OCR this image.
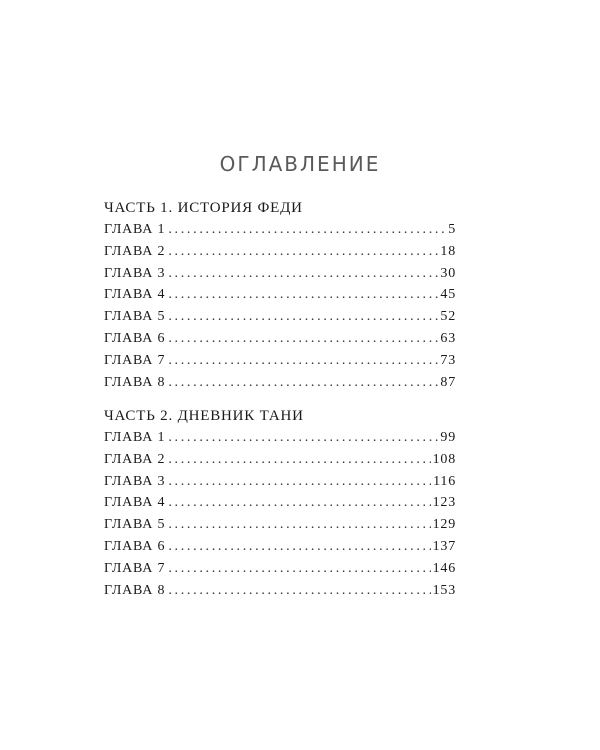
ОГЛАВЛЕНИЕ
ЧАСТЬ 1. ИСТОРИЯ ФЕДИ
ГЛАВА 1 . . .	5
ГЛАВА 2 . . .	18
ГЛАВА 3 . . .	30
ГЛАВА 4 . . .	45
ГЛАВА 5 . . .	52
ГЛАВА 6 . . .	63
ГЛАВА 7 . . .	73
ГЛАВА 8 . . .	87
ЧАСТЬ 2. ДНЕВНИК ТАНИ
ГЛАВА 1 . . .	99
ГЛАВА 2 . . .	108
ГЛАВА 3 . . .	116
ГЛАВА 4 . . .	123
ГЛАВА 5 . . .	129
ГЛАВА 6 . . .	137
ГЛАВА 7 . . .	146
ГЛАВА 8 . . .	153
